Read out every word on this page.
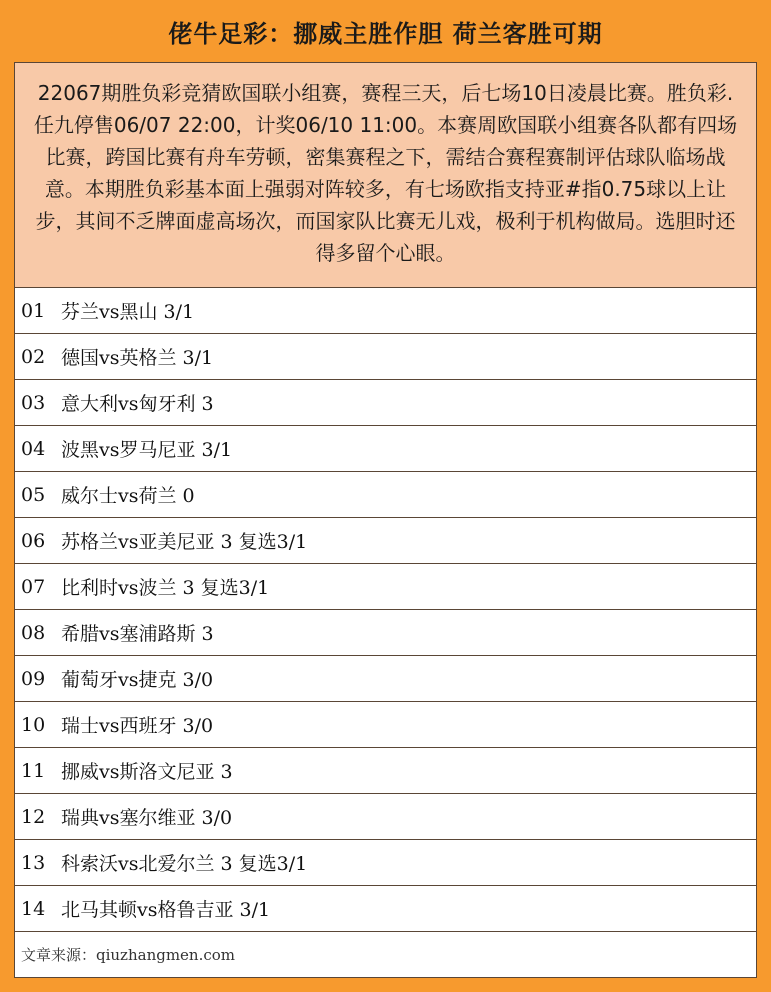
佬牛足彩：挪威主胜作胆 荷兰客胜可期
22067期胜负彩竞猜欧国联小组赛，赛程三天，后七场10日凌晨比赛。胜负彩.任九停售06/07 22:00，计奖06/10 11:00。本赛周欧国联小组赛各队都有四场比赛，跨国比赛有舟车劳顿，密集赛程之下，需结合赛程赛制评估球队临场战意。本期胜负彩基本面上强弱对阵较多，有七场欧指支持亚#指0.75球以上让步，其间不乏牌面虚高场次，而国家队比赛无儿戏，极利于机构做局。选胆时还得多留个心眼。
01 芬兰vs黑山 3/1
02 德国vs英格兰 3/1
03 意大利vs匈牙利 3
04 波黑vs罗马尼亚 3/1
05 威尔士vs荷兰 0
06 苏格兰vs亚美尼亚 3 复选3/1
07 比利时vs波兰 3 复选3/1
08 希腊vs塞浦路斯 3
09 葡萄牙vs捷克 3/0
10 瑞士vs西班牙 3/0
11 挪威vs斯洛文尼亚 3
12 瑞典vs塞尔维亚 3/0
13 科索沃vs北爱尔兰 3 复选3/1
14 北马其顿vs格鲁吉亚 3/1
文章来源：qiuzhangmen.com
